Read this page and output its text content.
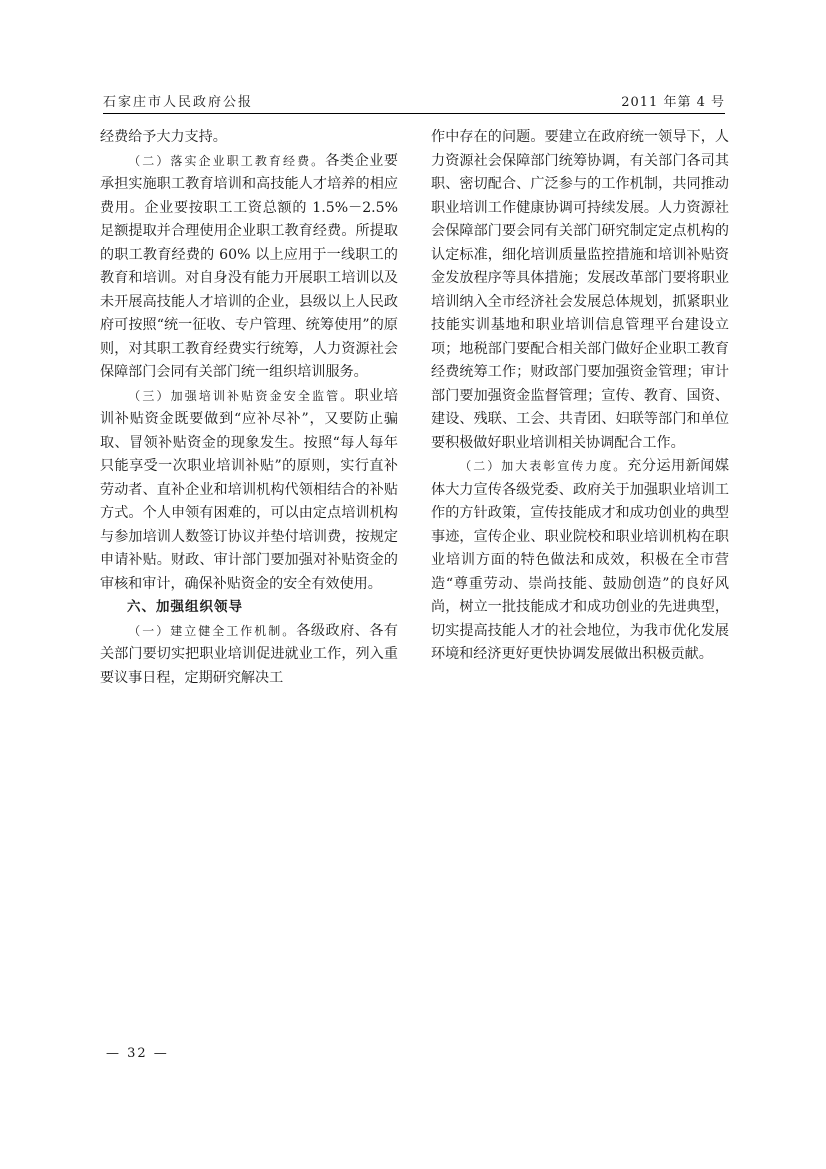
石家庄市人民政府公报	2011 年第 4 号

经费给予大力支持。

（二）落实企业职工教育经费。各类企业要承担实施职工教育培训和高技能人才培养的相应费用。企业要按职工工资总额的 1.5%－2.5% 足额提取并合理使用企业职工教育经费。所提取的职工教育经费的 60% 以上应用于一线职工的教育和培训。对自身没有能力开展职工培训以及未开展高技能人才培训的企业，县级以上人民政府可按照“统一征收、专户管理、统筹使用”的原则，对其职工教育经费实行统筹，人力资源社会保障部门会同有关部门统一组织培训服务。

（三）加强培训补贴资金安全监管。职业培训补贴资金既要做到“应补尽补”，又要防止骗取、冒领补贴资金的现象发生。按照“每人每年只能享受一次职业培训补贴”的原则，实行直补劳动者、直补企业和培训机构代领相结合的补贴方式。个人申领有困难的，可以由定点培训机构与参加培训人数签订协议并垫付培训费，按规定申请补贴。财政、审计部门要加强对补贴资金的审核和审计，确保补贴资金的安全有效使用。

六、加强组织领导

（一）建立健全工作机制。各级政府、各有关部门要切实把职业培训促进就业工作，列入重要议事日程，定期研究解决工

作中存在的问题。要建立在政府统一领导下，人力资源社会保障部门统筹协调，有关部门各司其职、密切配合、广泛参与的工作机制，共同推动职业培训工作健康协调可持续发展。人力资源社会保障部门要会同有关部门研究制定定点机构的认定标准，细化培训质量监控措施和培训补贴资金发放程序等具体措施；发展改革部门要将职业培训纳入全市经济社会发展总体规划，抓紧职业技能实训基地和职业培训信息管理平台建设立项；地税部门要配合相关部门做好企业职工教育经费统筹工作；财政部门要加强资金管理；审计部门要加强资金监督管理；宣传、教育、国资、建设、残联、工会、共青团、妇联等部门和单位要积极做好职业培训相关协调配合工作。

（二）加大表彰宣传力度。充分运用新闻媒体大力宣传各级党委、政府关于加强职业培训工作的方针政策，宣传技能成才和成功创业的典型事迹，宣传企业、职业院校和职业培训机构在职业培训方面的特色做法和成效，积极在全市营造“尊重劳动、崇尚技能、鼓励创造”的良好风尚，树立一批技能成才和成功创业的先进典型，切实提高技能人才的社会地位，为我市优化发展环境和经济更好更快协调发展做出积极贡献。

— 32 —
